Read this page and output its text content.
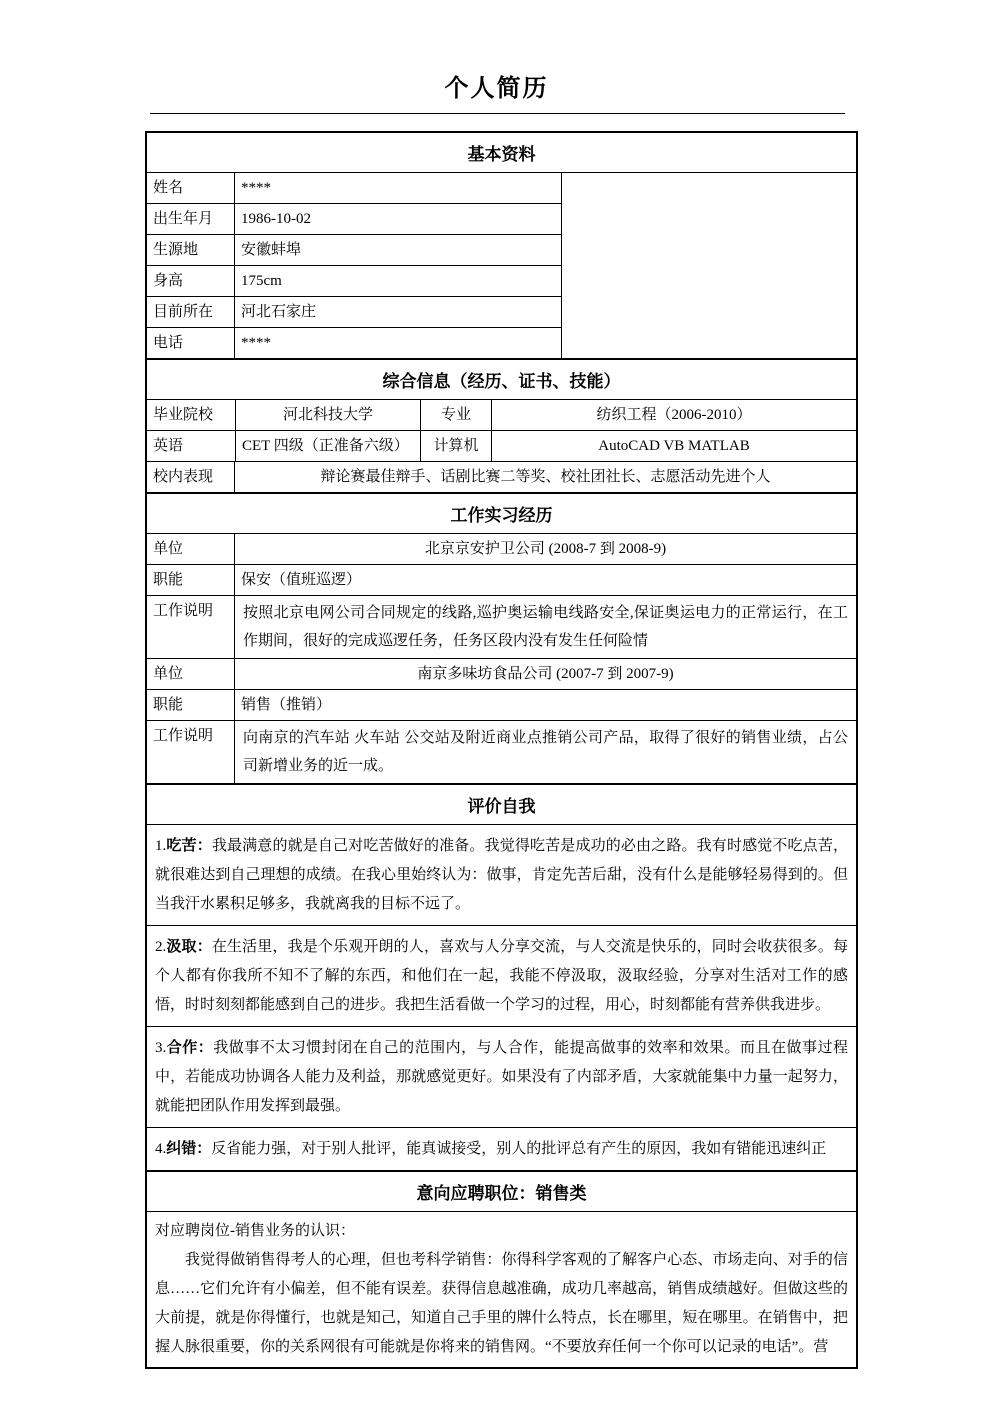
个人简历
基本资料
姓名	****
出生年月	1986-10-02
生源地	安徽蚌埠
身高	175cm
目前所在	河北石家庄
电话	****
综合信息（经历、证书、技能）
毕业院校	河北科技大学	专业	纺织工程（2006-2010）
英语	CET 四级（正准备六级）	计算机	AutoCAD VB MATLAB
校内表现	辩论赛最佳辩手、话剧比赛二等奖、校社团社长、志愿活动先进个人
工作实习经历
单位	北京京安护卫公司 (2008-7 到 2008-9)
职能	保安（值班巡逻）
工作说明	按照北京电网公司合同规定的线路,巡护奥运输电线路安全,保证奥运电力的正常运行，在工作期间，很好的完成巡逻任务，任务区段内没有发生任何险情
单位	南京多味坊食品公司 (2007-7 到 2007-9)
职能	销售（推销）
工作说明	向南京的汽车站 火车站 公交站及附近商业点推销公司产品，取得了很好的销售业绩，占公司新增业务的近一成。
评价自我
1.吃苦：我最满意的就是自己对吃苦做好的准备。我觉得吃苦是成功的必由之路。我有时感觉不吃点苦，就很难达到自己理想的成绩。在我心里始终认为：做事，肯定先苦后甜，没有什么是能够轻易得到的。但当我汗水累积足够多，我就离我的目标不远了。
2.汲取：在生活里，我是个乐观开朗的人，喜欢与人分享交流，与人交流是快乐的，同时会收获很多。每个人都有你我所不知不了解的东西，和他们在一起，我能不停汲取，汲取经验，分享对生活对工作的感悟，时时刻刻都能感到自己的进步。我把生活看做一个学习的过程，用心，时刻都能有营养供我进步。
3.合作：我做事不太习惯封闭在自己的范围内，与人合作，能提高做事的效率和效果。而且在做事过程中，若能成功协调各人能力及利益，那就感觉更好。如果没有了内部矛盾，大家就能集中力量一起努力，就能把团队作用发挥到最强。
4.纠错：反省能力强，对于别人批评，能真诚接受，别人的批评总有产生的原因，我如有错能迅速纠正
意向应聘职位：销售类
对应聘岗位-销售业务的认识：
我觉得做销售得考人的心理，但也考科学销售：你得科学客观的了解客户心态、市场走向、对手的信息……它们允许有小偏差，但不能有误差。获得信息越准确，成功几率越高，销售成绩越好。但做这些的大前提，就是你得懂行，也就是知己，知道自己手里的牌什么特点，长在哪里，短在哪里。在销售中，把握人脉很重要，你的关系网很有可能就是你将来的销售网。“不要放弃任何一个你可以记录的电话”。营
